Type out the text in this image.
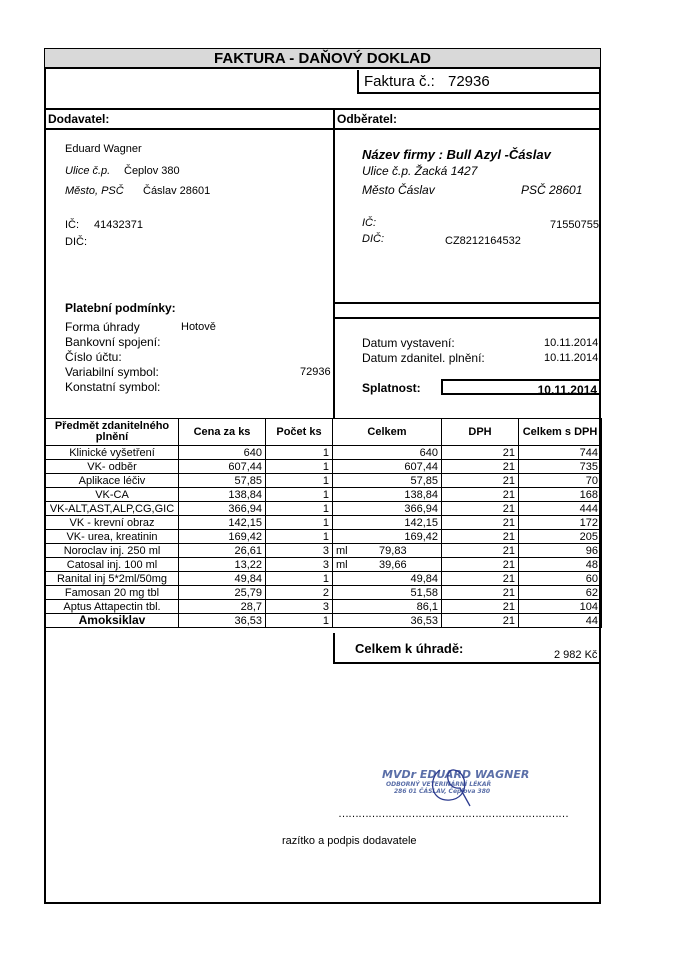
FAKTURA - DAŇOVÝ DOKLAD
Faktura č.: 72936
Dodavatel:
Eduard Wagner
Ulice č.p. Čeplov 380
Město, PSČ Čáslav 28601
IČ: 41432371
DIČ:
Odběratel:
Název firmy : Bull Azyl -Čáslav
Ulice č.p. Žacká 1427
Město Čáslav	PSČ 28601
IČ:	71550755
DIČ:	CZ8212164532
Platební podmínky:
Forma úhrady	Hotově
Bankovní spojení:
Číslo účtu:
Variabilní symbol:	72936
Konstatní symbol:
Datum vystavení:	10.11.2014
Datum zdanitel. plnění:	10.11.2014
Splatnost:	10.11.2014
Předmět zdanitelného plnění	Cena za ks	Počet ks	Celkem	DPH	Celkem s DPH
Klinické vyšetření	640	1	640	21	744
VK- odběr	607,44	1	607,44	21	735
Aplikace léčiv	57,85	1	57,85	21	70
VK-CA	138,84	1	138,84	21	168
VK-ALT,AST,ALP,CG,GIC	366,94	1	366,94	21	444
VK - krevní obraz	142,15	1	142,15	21	172
VK- urea, kreatinin	169,42	1	169,42	21	205
Noroclav inj. 250 ml	26,61	3	ml 79,83	21	96
Catosal inj. 100 ml	13,22	3	ml 39,66	21	48
Ranital inj 5*2ml/50mg	49,84	1	49,84	21	60
Famosan 20 mg tbl	25,79	2	51,58	21	62
Aptus Attapectin tbl.	28,7	3	86,1	21	104
Amoksiklav	36,53	1	36,53	21	44
Celkem k úhradě:	2 982 Kč
MVDr EDUARD WAGNER
ODBORNÝ VETERINÁRNÍ LÉKAŘ
286 01 ČÁSLAV, Čeplova 380
……………………………………………………………
razítko a podpis dodavatele
